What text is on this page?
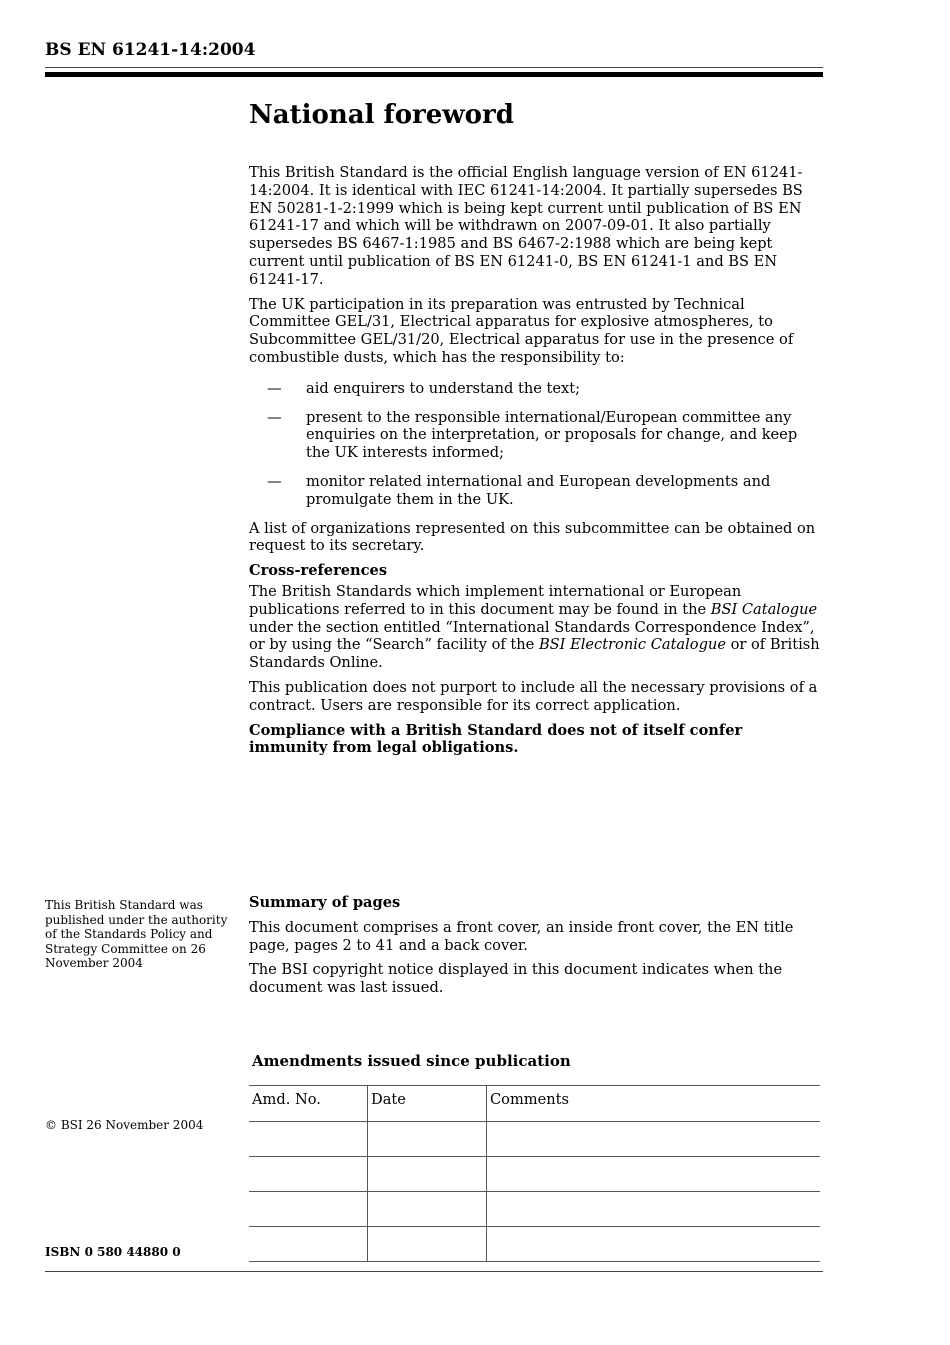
BS EN 61241-14:2004
National foreword

This British Standard is the official English language version of EN 61241-14:2004. It is identical with IEC 61241-14:2004. It partially supersedes BS EN 50281-1-2:1999 which is being kept current until publication of BS EN 61241-17 and which will be withdrawn on 2007-09-01. It also partially supersedes BS 6467-1:1985 and BS 6467-2:1988 which are being kept current until publication of BS EN 61241-0, BS EN 61241-1 and BS EN 61241-17.

The UK participation in its preparation was entrusted by Technical Committee GEL/31, Electrical apparatus for explosive atmospheres, to Subcommittee GEL/31/20, Electrical apparatus for use in the presence of combustible dusts, which has the responsibility to:

—	aid enquirers to understand the text;
—	present to the responsible international/European committee any enquiries on the interpretation, or proposals for change, and keep the UK interests informed;
—	monitor related international and European developments and promulgate them in the UK.

A list of organizations represented on this subcommittee can be obtained on request to its secretary.

Cross-references

The British Standards which implement international or European publications referred to in this document may be found in the BSI Catalogue under the section entitled “International Standards Correspondence Index”, or by using the “Search” facility of the BSI Electronic Catalogue or of British Standards Online.

This publication does not purport to include all the necessary provisions of a contract. Users are responsible for its correct application.

Compliance with a British Standard does not of itself confer immunity from legal obligations.

This British Standard was published under the authority of the Standards Policy and Strategy Committee on 26 November 2004
Summary of pages

This document comprises a front cover, an inside front cover, the EN title page, pages 2 to 41 and a back cover.

The BSI copyright notice displayed in this document indicates when the document was last issued.

Amendments issued since publication
Amd. No.	Date	Comments

© BSI 26 November 2004
ISBN 0 580 44880 0
